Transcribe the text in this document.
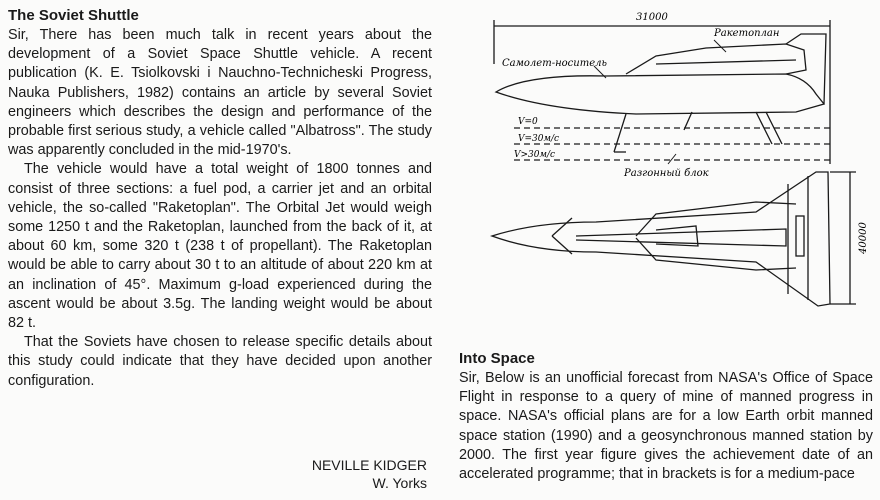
The Soviet Shuttle

Sir, There has been much talk in recent years about the development of a Soviet Space Shuttle vehicle. A recent publication (K. E. Tsiolkovski i Nauchno-Technicheski Progress, Nauka Publishers, 1982) contains an article by several Soviet engineers which describes the design and performance of the probable first serious study, a vehicle called "Albatross". The study was apparently concluded in the mid-1970's.

The vehicle would have a total weight of 1800 tonnes and consist of three sections: a fuel pod, a carrier jet and an orbital vehicle, the so-called "Raketoplan". The Orbital Jet would weigh some 1250 t and the Raketoplan, launched from the back of it, at about 60 km, some 320 t (238 t of propellant). The Raketoplan would be able to carry about 30 t to an altitude of about 220 km at an inclination of 45°. Maximum g-load experienced during the ascent would be about 3.5g. The landing weight would be about 82 t.

That the Soviets have chosen to release specific details about this study could indicate that they have decided upon another configuration.

NEVILLE KIDGER
W. Yorks
31000
Ракетоплан
Самолет-носитель
V=0
V=30м/с
V>30м/с
Разгонный блок
40000
Into Space

Sir, Below is an unofficial forecast from NASA's Office of Space Flight in response to a query of mine of manned progress in space. NASA's official plans are for a low Earth orbit manned space station (1990) and a geosynchronous manned station by 2000. The first year figure gives the achievement date of an accelerated programme; that in brackets is for a medium-pace
